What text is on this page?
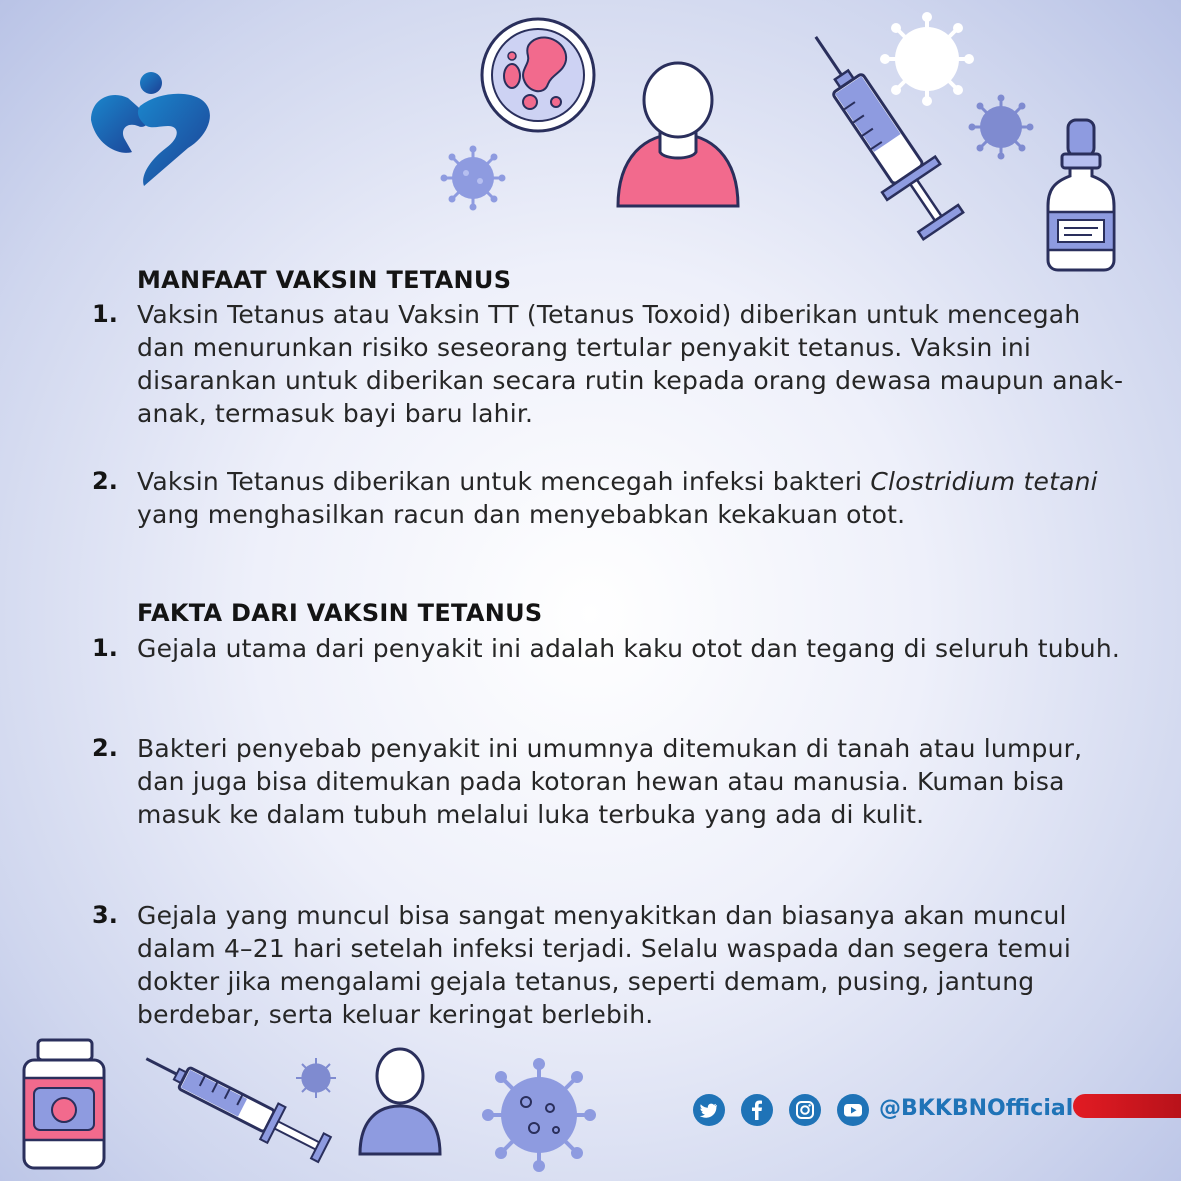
MANFAAT VAKSIN TETANUS
1. Vaksin Tetanus atau Vaksin TT (Tetanus Toxoid) diberikan untuk mencegah dan menurunkan risiko seseorang tertular penyakit tetanus. Vaksin ini disarankan untuk diberikan secara rutin kepada orang dewasa maupun anak-anak, termasuk bayi baru lahir.
2. Vaksin Tetanus diberikan untuk mencegah infeksi bakteri Clostridium tetani yang menghasilkan racun dan menyebabkan kekakuan otot.
FAKTA DARI VAKSIN TETANUS
1. Gejala utama dari penyakit ini adalah kaku otot dan tegang di seluruh tubuh.
2. Bakteri penyebab penyakit ini umumnya ditemukan di tanah atau lumpur, dan juga bisa ditemukan pada kotoran hewan atau manusia. Kuman bisa masuk ke dalam tubuh melalui luka terbuka yang ada di kulit.
3. Gejala yang muncul bisa sangat menyakitkan dan biasanya akan muncul dalam 4–21 hari setelah infeksi terjadi. Selalu waspada dan segera temui dokter jika mengalami gejala tetanus, seperti demam, pusing, jantung berdebar, serta keluar keringat berlebih.
@BKKBNOfficial
